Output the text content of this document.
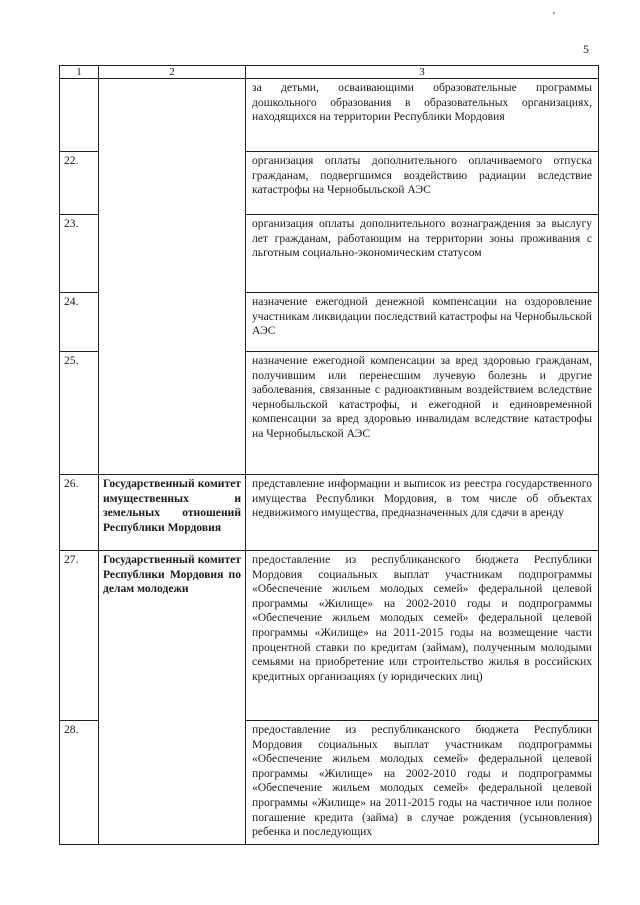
5
1	2	3
		за детьми, осваивающими образовательные программы дошкольного образования в образовательных организациях, находящихся на территории Республики Мордовия
22.		организация оплаты дополнительного оплачиваемого отпуска гражданам, подвергшимся воздействию радиации вследствие катастрофы на Чернобыльской АЭС
23.		организация оплаты дополнительного вознаграждения за выслугу лет гражданам, работающим на территории зоны проживания с льготным социально-экономическим статусом
24.		назначение ежегодной денежной компенсации на оздоровление участникам ликвидации последствий катастрофы на Чернобыльской АЭС
25.		назначение ежегодной компенсации за вред здоровью гражданам, получившим или перенесшим лучевую болезнь и другие заболевания, связанные с радиоактивным воздействием вследствие чернобыльской катастрофы, и ежегодной и единовременной компенсации за вред здоровью инвалидам вследствие катастрофы на Чернобыльской АЭС
26.	Государственный комитет имущественных и земельных отношений Республики Мордовия	представление информации и выписок из реестра государственного имущества Республики Мордовия, в том числе об объектах недвижимого имущества, предназначенных для сдачи в аренду
27.	Государственный комитет Республики Мордовия по делам молодежи	предоставление из республиканского бюджета Республики Мордовия социальных выплат участникам подпрограммы «Обеспечение жильем молодых семей» федеральной целевой программы «Жилище» на 2002-2010 годы и подпрограммы «Обеспечение жильем молодых семей» федеральной целевой программы «Жилище» на 2011-2015 годы на возмещение части процентной ставки по кредитам (займам), полученным молодыми семьями на приобретение или строительство жилья в российских кредитных организациях (у юридических лиц)
28.		предоставление из республиканского бюджета Республики Мордовия социальных выплат участникам подпрограммы «Обеспечение жильем молодых семей» федеральной целевой программы «Жилище» на 2002-2010 годы и подпрограммы «Обеспечение жильем молодых семей» федеральной целевой программы «Жилище» на 2011-2015 годы на частичное или полное погашение кредита (займа) в случае рождения (усыновления) ребенка и последующих
